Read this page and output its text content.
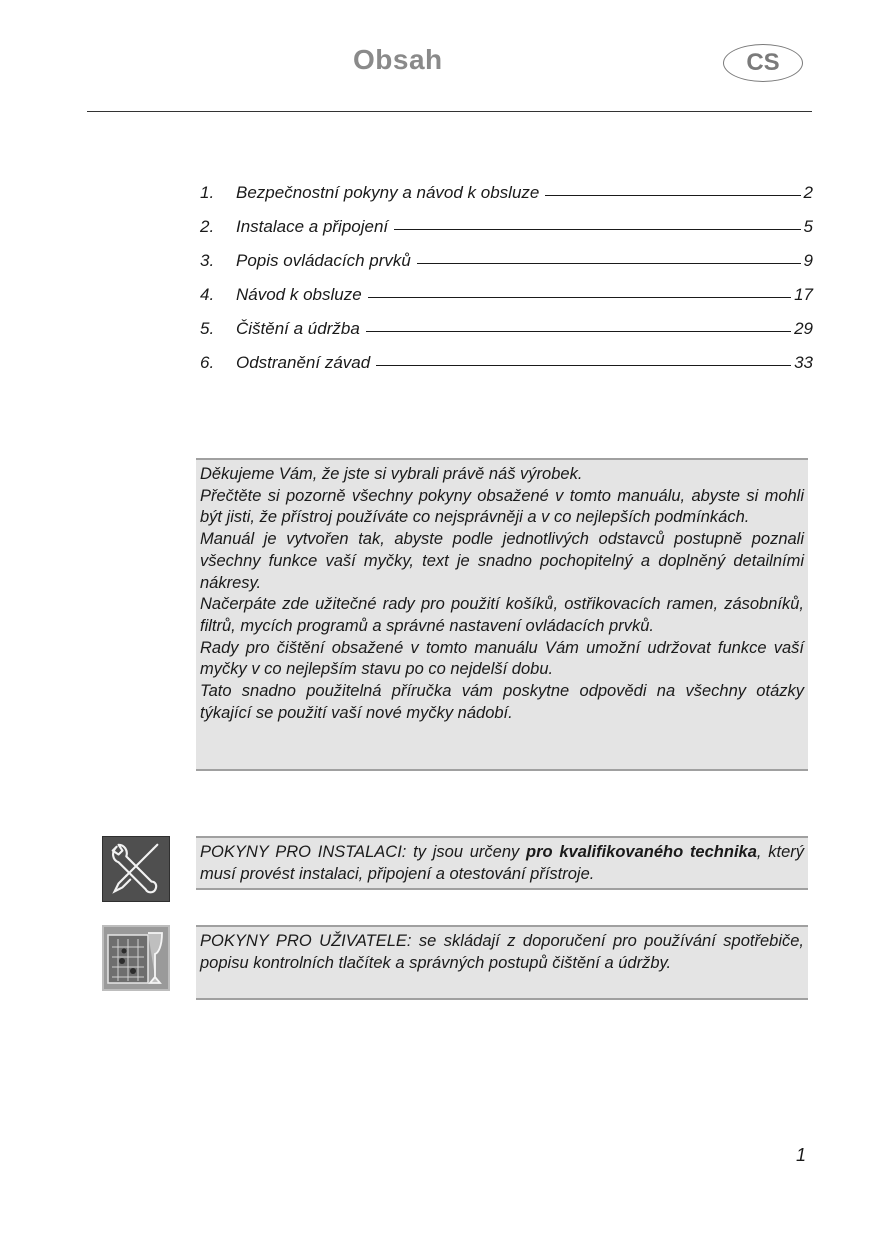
Obsah	CS
1.	Bezpečnostní pokyny a návod k obsluze	2
2.	Instalace a připojení	5
3.	Popis ovládacích prvků	9
4.	Návod k obsluze	17
5.	Čištění a údržba	29
6.	Odstranění závad	33

Děkujeme Vám, že jste si vybrali právě náš výrobek.

Přečtěte si pozorně všechny pokyny obsažené v tomto manuálu, abyste si mohli být jisti, že přístroj používáte co nejsprávněji a v co nejlepších podmínkách.

Manuál je vytvořen tak, abyste podle jednotlivých odstavců postupně poznali všechny funkce vaší myčky, text je snadno pochopitelný a doplněný detailními nákresy.

Načerpáte zde užitečné rady pro použití košíků, ostřikovacích ramen, zásobníků, filtrů, mycích programů a správné nastavení ovládacích prvků.

Rady pro čištění obsažené v tomto manuálu Vám umožní udržovat funkce vaší myčky v co nejlepším stavu po co nejdelší dobu.

Tato snadno použitelná příručka vám poskytne odpovědi na všechny otázky týkající se použití vaší nové myčky nádobí.

POKYNY PRO INSTALACI: ty jsou určeny pro kvalifikovaného technika, který musí provést instalaci, připojení a otestování přístroje.

POKYNY PRO UŽIVATELE: se skládají z doporučení pro používání spotřebiče, popisu kontrolních tlačítek a správných postupů čištění a údržby.

1
